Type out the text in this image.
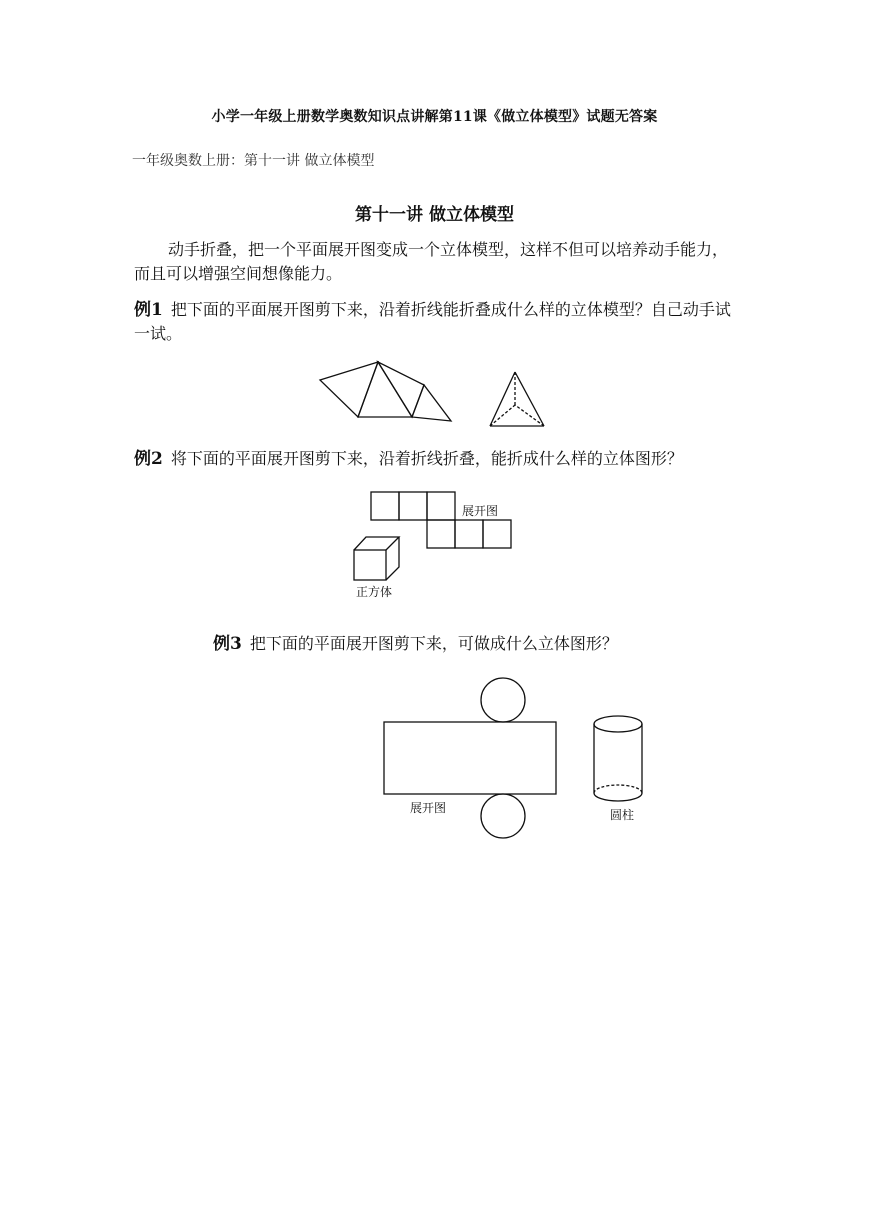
小学一年级上册数学奥数知识点讲解第11课《做立体模型》试题无答案
一年级奥数上册：第十一讲 做立体模型
第十一讲 做立体模型
动手折叠，把一个平面展开图变成一个立体模型，这样不但可以培养动手能力，而且可以增强空间想像能力。
例1 把下面的平面展开图剪下来，沿着折线能折叠成什么样的立体模型？自己动手试一试。
例2 将下面的平面展开图剪下来，沿着折线折叠，能折成什么样的立体图形？
展开图
正方体
例3 把下面的平面展开图剪下来，可做成什么立体图形？
展开图	圆柱
